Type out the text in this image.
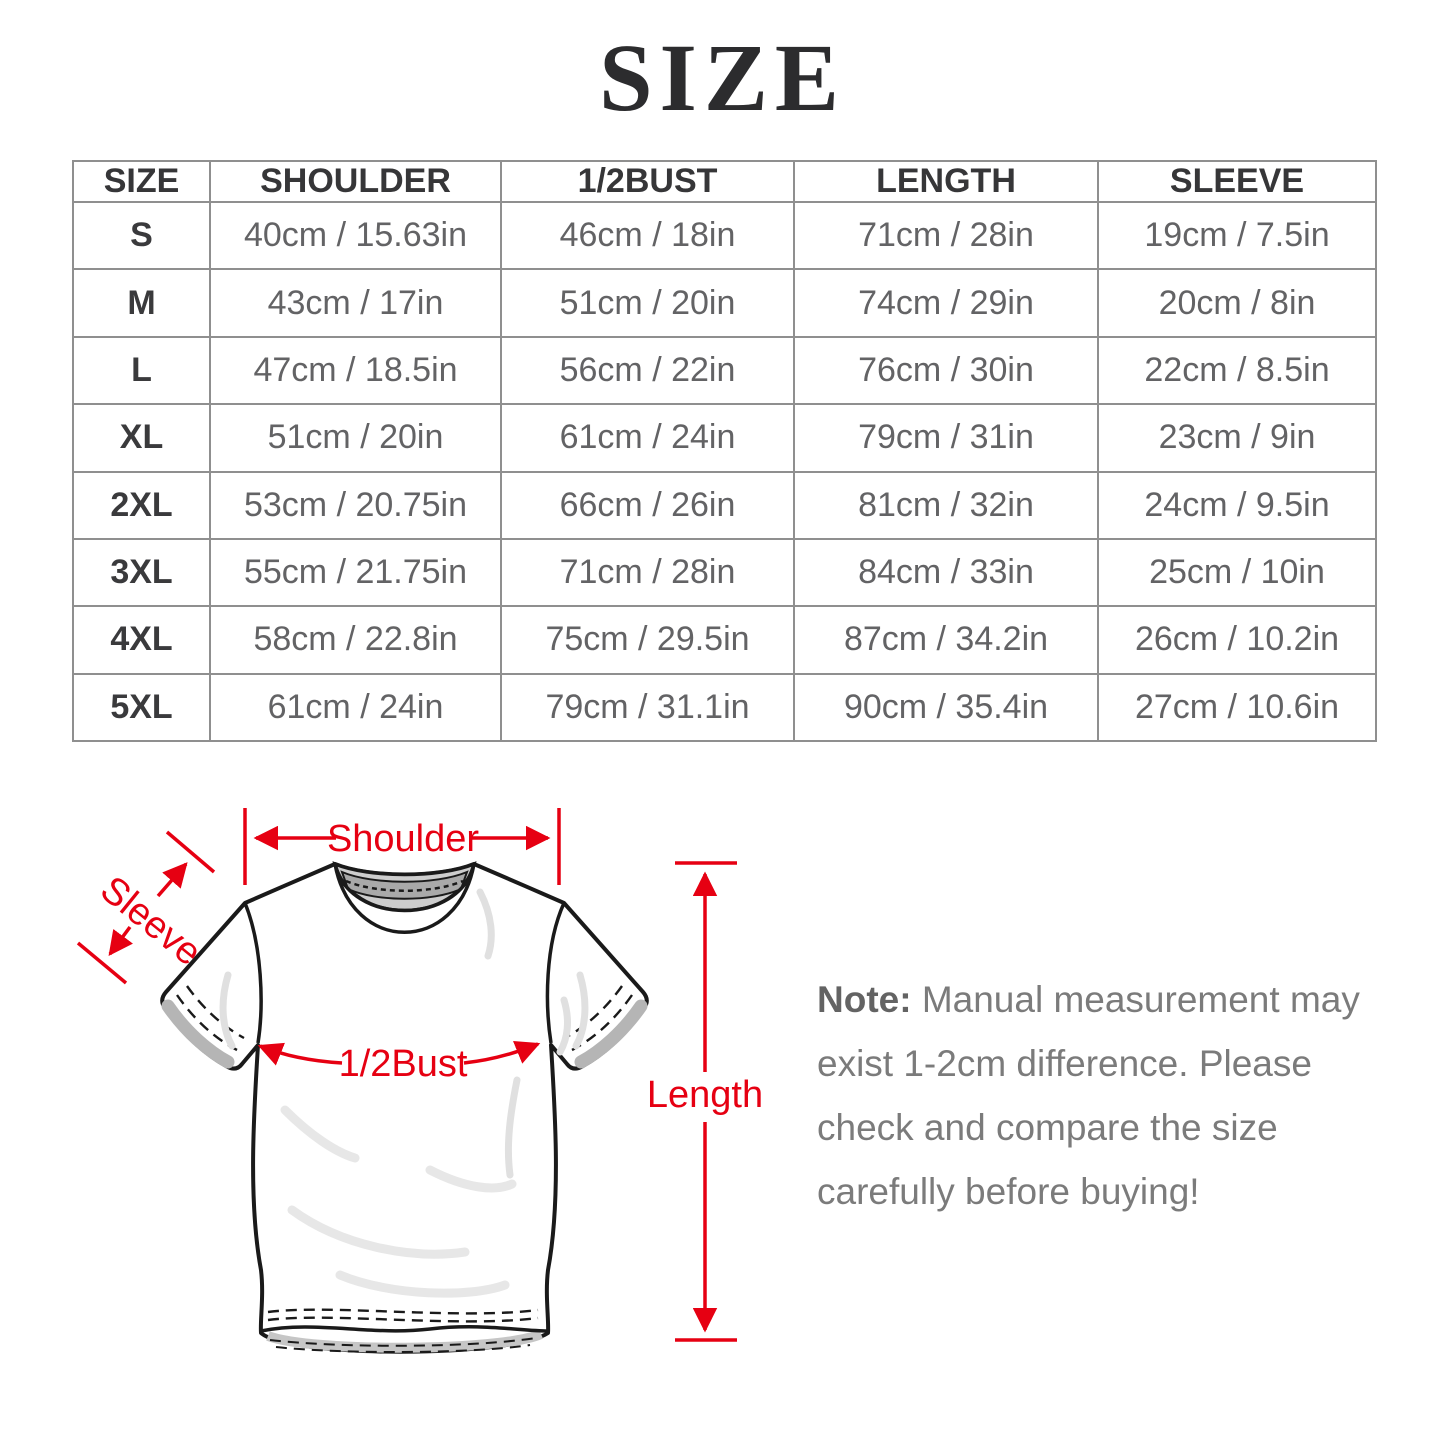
SIZE
SIZE	SHOULDER	1/2BUST	LENGTH	SLEEVE
S	40cm / 15.63in	46cm / 18in	71cm / 28in	19cm / 7.5in
M	43cm / 17in	51cm / 20in	74cm / 29in	20cm / 8in
L	47cm / 18.5in	56cm / 22in	76cm / 30in	22cm / 8.5in
XL	51cm / 20in	61cm / 24in	79cm / 31in	23cm / 9in
2XL	53cm / 20.75in	66cm / 26in	81cm / 32in	24cm / 9.5in
3XL	55cm / 21.75in	71cm / 28in	84cm / 33in	25cm / 10in
4XL	58cm / 22.8in	75cm / 29.5in	87cm / 34.2in	26cm / 10.2in
5XL	61cm / 24in	79cm / 31.1in	90cm / 35.4in	27cm / 10.6in
Shoulder
Sleeve
1/2Bust
Length
Note: Manual measurement may
exist 1-2cm difference. Please
check and compare the size
carefully before buying!
